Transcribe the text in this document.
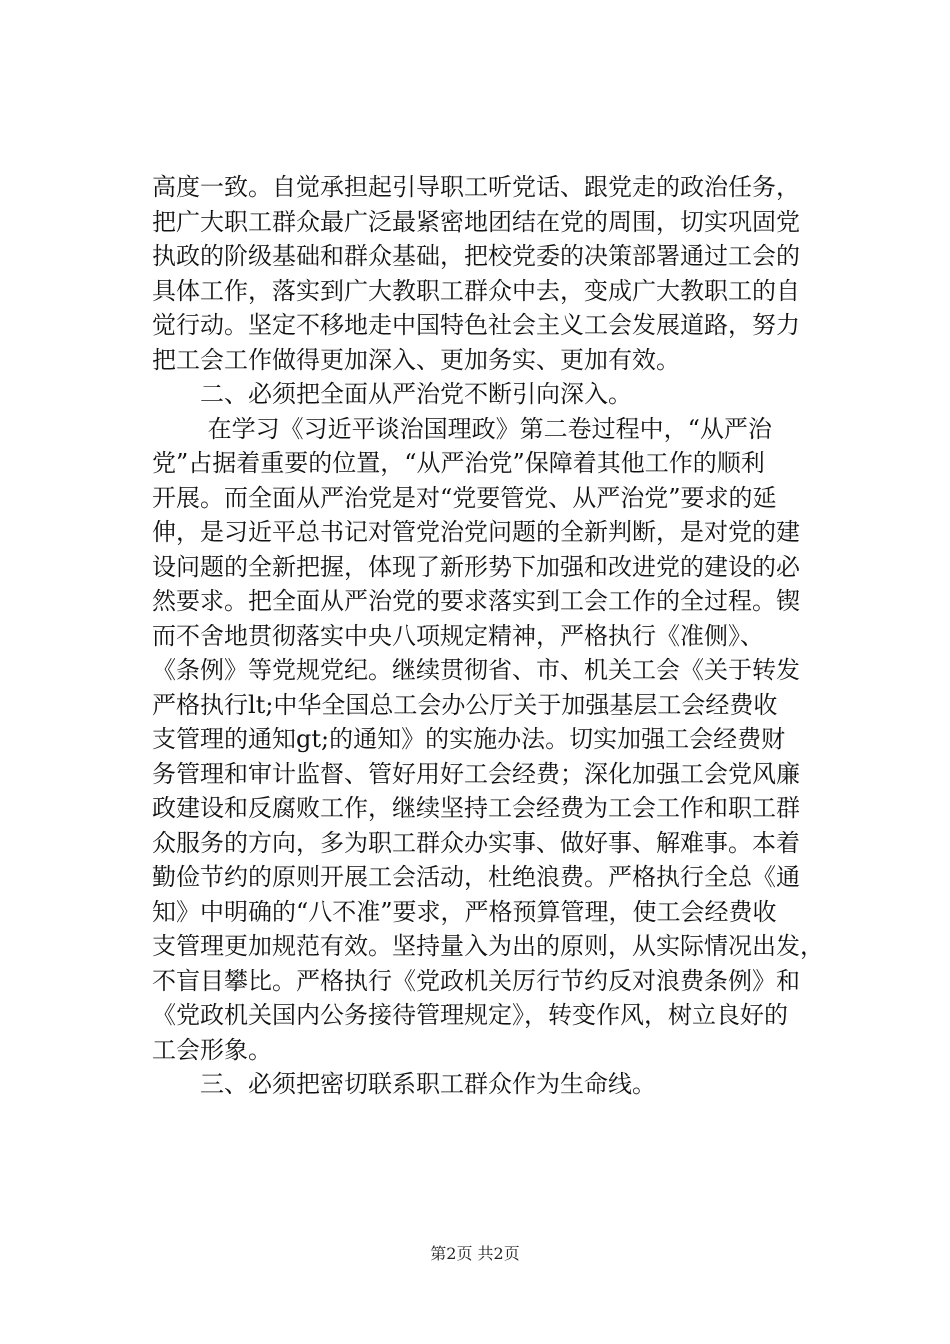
高度一致。自觉承担起引导职工听党话、跟党走的政治任务，
把广大职工群众最广泛最紧密地团结在党的周围，切实巩固党
执政的阶级基础和群众基础，把校党委的决策部署通过工会的
具体工作，落实到广大教职工群众中去，变成广大教职工的自
觉行动。坚定不移地走中国特色社会主义工会发展道路，努力
把工会工作做得更加深入、更加务实、更加有效。
　　二、必须把全面从严治党不断引向深入。
　　 在学习《习近平谈治国理政》第二卷过程中，“从严治
党”占据着重要的位置，“从严治党”保障着其他工作的顺利
开展。而全面从严治党是对“党要管党、从严治党”要求的延
伸，是习近平总书记对管党治党问题的全新判断，是对党的建
设问题的全新把握，体现了新形势下加强和改进党的建设的必
然要求。把全面从严治党的要求落实到工会工作的全过程。锲
而不舍地贯彻落实中央八项规定精神，严格执行《准侧》、
《条例》等党规党纪。继续贯彻省、市、机关工会《关于转发
严格执行lt;中华全国总工会办公厅关于加强基层工会经费收
支管理的通知gt;的通知》的实施办法。切实加强工会经费财
务管理和审计监督、管好用好工会经费；深化加强工会党风廉
政建设和反腐败工作，继续坚持工会经费为工会工作和职工群
众服务的方向，多为职工群众办实事、做好事、解难事。本着
勤俭节约的原则开展工会活动，杜绝浪费。严格执行全总《通
知》中明确的“八不准”要求，严格预算管理，使工会经费收
支管理更加规范有效。坚持量入为出的原则，从实际情况出发，
不盲目攀比。严格执行《党政机关厉行节约反对浪费条例》和
《党政机关国内公务接待管理规定》，转变作风，树立良好的
工会形象。
　　三、必须把密切联系职工群众作为生命线。
第2页 共2页
